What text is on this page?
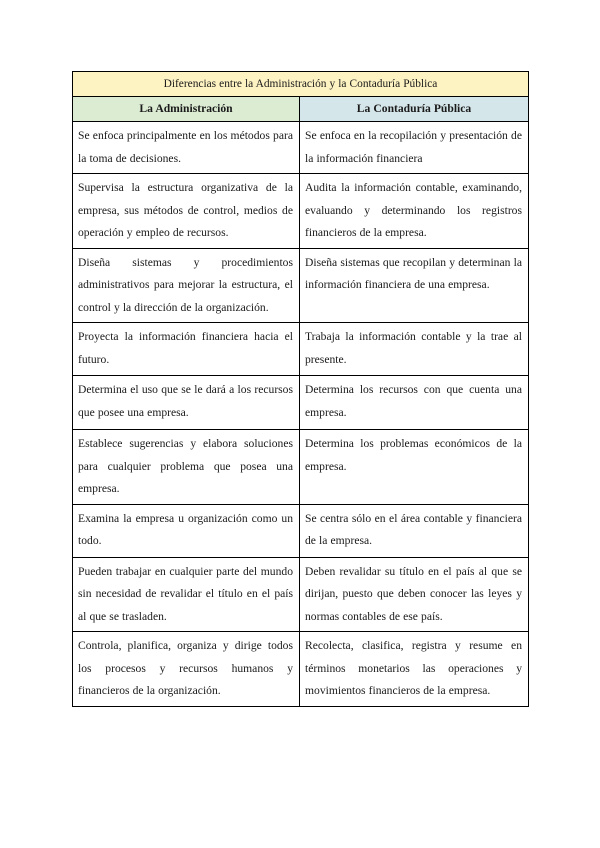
Diferencias entre la Administración y la Contaduría Pública	
La Administración	La Contaduría Pública
Se enfoca principalmente en los métodos para la toma de decisiones.	Se enfoca en la recopilación y presentación de la información financiera
Supervisa la estructura organizativa de la empresa, sus métodos de control, medios de operación y empleo de recursos.	Audita la información contable, examinando, evaluando y determinando los registros financieros de la empresa.
Diseña sistemas y procedimientos administrativos para mejorar la estructura, el control y la dirección de la organización.	Diseña sistemas que recopilan y determinan la información financiera de una empresa.
Proyecta la información financiera hacia el futuro.	Trabaja la información contable y la trae al presente.
Determina el uso que se le dará a los recursos que posee una empresa.	Determina los recursos con que cuenta una empresa.
Establece sugerencias y elabora soluciones para cualquier problema que posea una empresa.	Determina los problemas económicos de la empresa.
Examina la empresa u organización como un todo.	Se centra sólo en el área contable y financiera de la empresa.
Pueden trabajar en cualquier parte del mundo sin necesidad de revalidar el título en el país al que se trasladen.	Deben revalidar su título en el país al que se dirijan, puesto que deben conocer las leyes y normas contables de ese país.
Controla, planifica, organiza y dirige todos los procesos y recursos humanos y financieros de la organización.	Recolecta, clasifica, registra y resume en términos monetarios las operaciones y movimientos financieros de la empresa.
